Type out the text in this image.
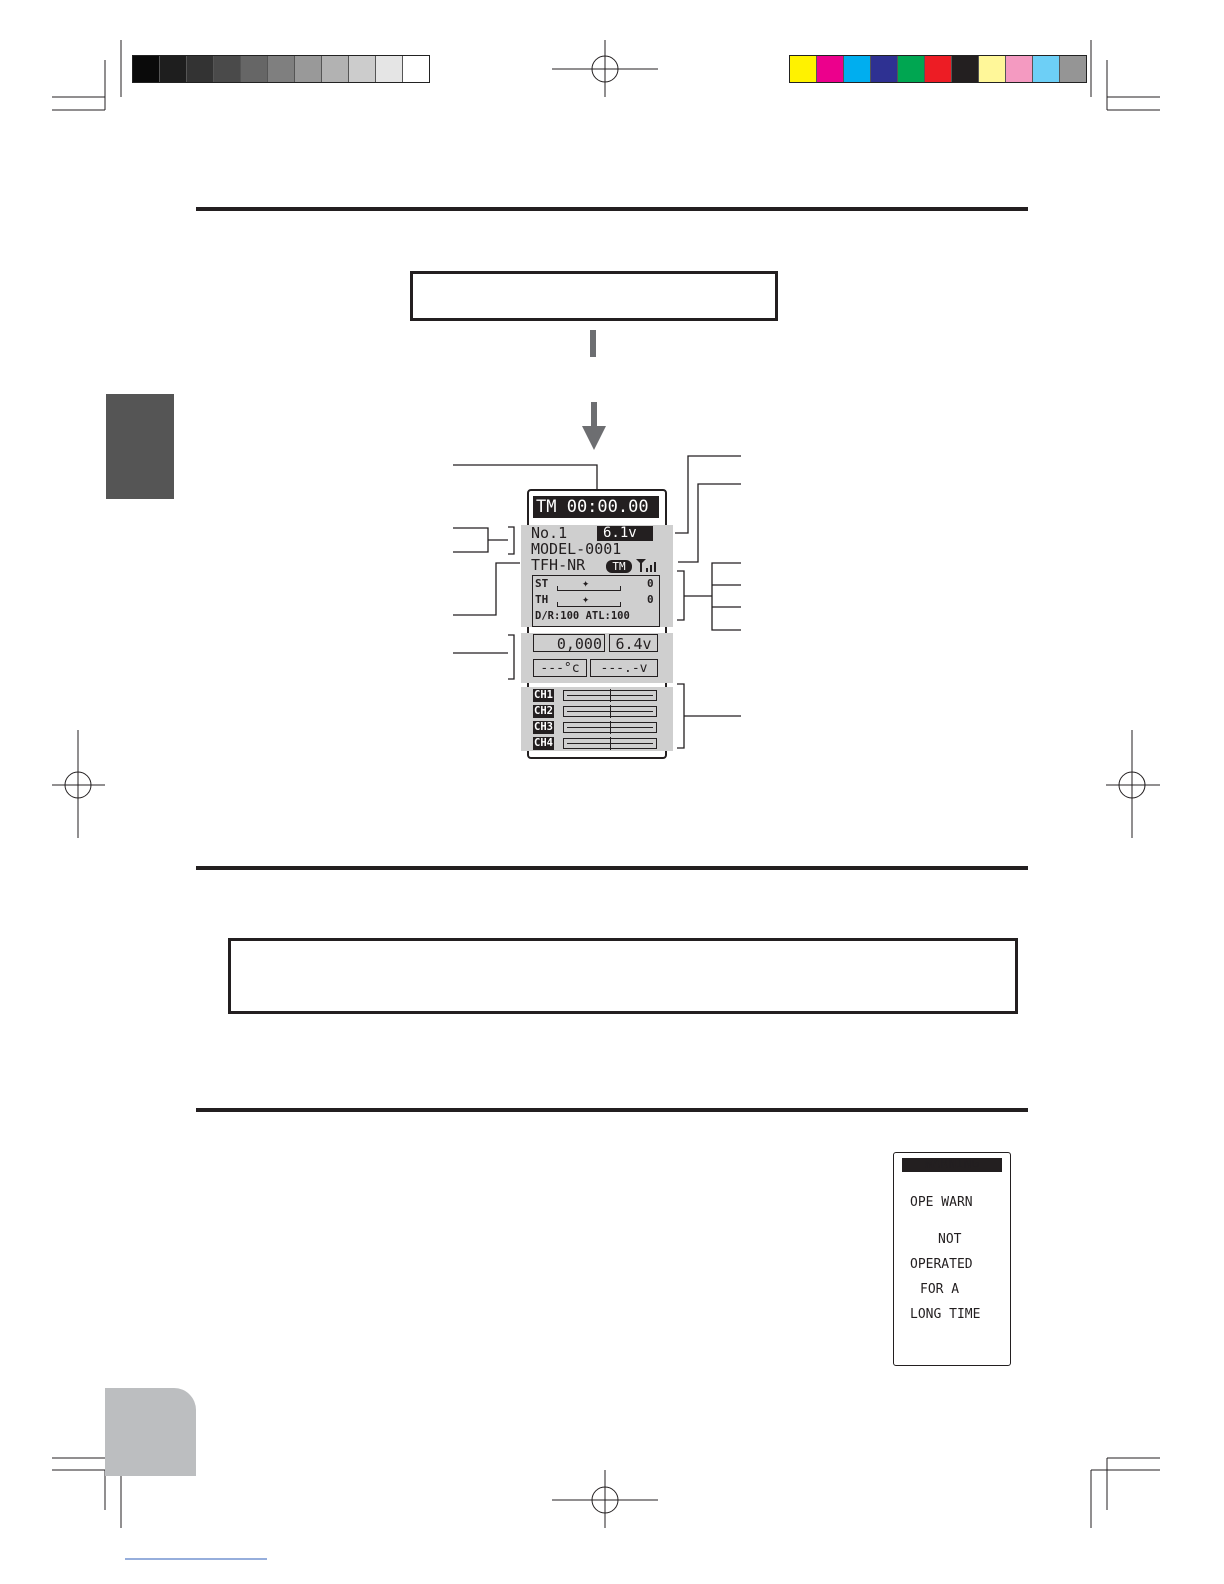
TM 00:00.00
No.1	6.1v
MODEL-0001
TFH-NR	TM
ST	✦	0
TH	✦	0
D/R:100 ATL:100
0,000 6.4v
---°c	---.-v
CH1
CH2
CH3
CH4
WARNING
OPE WARN
NOT
OPERATED
FOR A
LONG TIME
